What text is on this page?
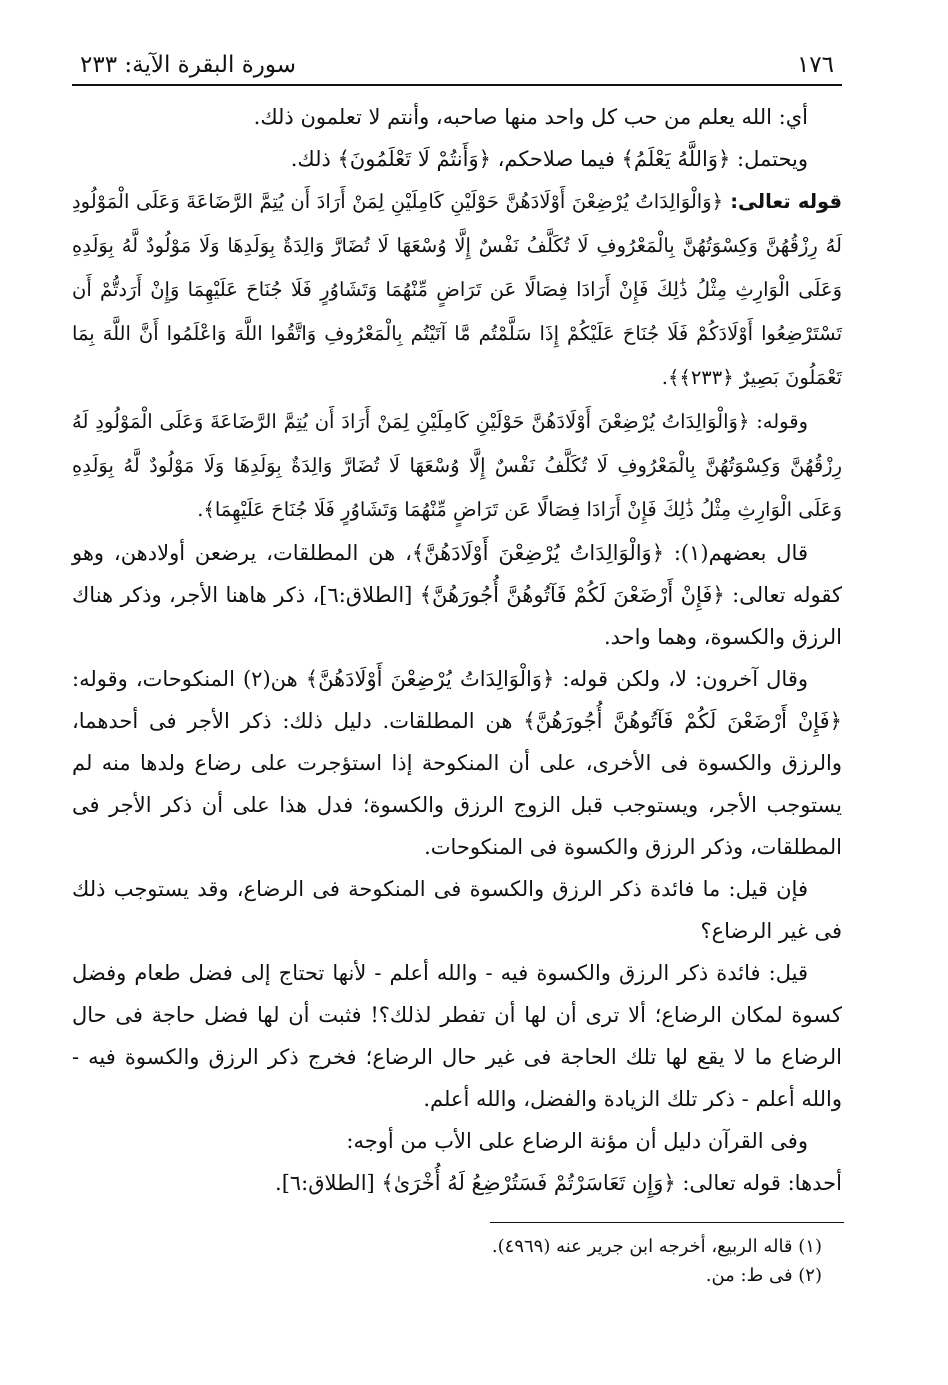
١٧٦
سورة البقرة الآية: ٢٣٣

أي: الله يعلم من حب كل واحد منها صاحبه، وأنتم لا تعلمون ذلك.

ويحتمل: ﴿وَاللَّهُ يَعْلَمُ﴾ فيما صلاحكم، ﴿وَأَنتُمْ لَا تَعْلَمُونَ﴾ ذلك.

قوله تعالى: ﴿وَالْوَالِدَاتُ يُرْضِعْنَ أَوْلَادَهُنَّ حَوْلَيْنِ كَامِلَيْنِ لِمَنْ أَرَادَ أَن يُتِمَّ الرَّضَاعَةَ وَعَلَى الْمَوْلُودِ لَهُ رِزْقُهُنَّ وَكِسْوَتُهُنَّ بِالْمَعْرُوفِ لَا تُكَلَّفُ نَفْسٌ إِلَّا وُسْعَهَا لَا تُضَارَّ وَالِدَةٌ بِوَلَدِهَا وَلَا مَوْلُودٌ لَّهُ بِوَلَدِهِ وَعَلَى الْوَارِثِ مِثْلُ ذَٰلِكَ فَإِنْ أَرَادَا فِصَالًا عَن تَرَاضٍ مِّنْهُمَا وَتَشَاوُرٍ فَلَا جُنَاحَ عَلَيْهِمَا وَإِنْ أَرَدتُّمْ أَن تَسْتَرْضِعُوا أَوْلَادَكُمْ فَلَا جُنَاحَ عَلَيْكُمْ إِذَا سَلَّمْتُم مَّا آتَيْتُم بِالْمَعْرُوفِ وَاتَّقُوا اللَّهَ وَاعْلَمُوا أَنَّ اللَّهَ بِمَا تَعْمَلُونَ بَصِيرٌ ﴿٢٣٣﴾﴾.

وقوله: ﴿وَالْوَالِدَاتُ يُرْضِعْنَ أَوْلَادَهُنَّ حَوْلَيْنِ كَامِلَيْنِ لِمَنْ أَرَادَ أَن يُتِمَّ الرَّضَاعَةَ وَعَلَى الْمَوْلُودِ لَهُ رِزْقُهُنَّ وَكِسْوَتُهُنَّ بِالْمَعْرُوفِ لَا تُكَلَّفُ نَفْسٌ إِلَّا وُسْعَهَا لَا تُضَارَّ وَالِدَةٌ بِوَلَدِهَا وَلَا مَوْلُودٌ لَّهُ بِوَلَدِهِ وَعَلَى الْوَارِثِ مِثْلُ ذَٰلِكَ فَإِنْ أَرَادَا فِصَالًا عَن تَرَاضٍ مِّنْهُمَا وَتَشَاوُرٍ فَلَا جُنَاحَ عَلَيْهِمَا﴾.

قال بعضهم(١): ﴿وَالْوَالِدَاتُ يُرْضِعْنَ أَوْلَادَهُنَّ﴾، هن المطلقات، يرضعن أولادهن، وهو كقوله تعالى: ﴿فَإِنْ أَرْضَعْنَ لَكُمْ فَآتُوهُنَّ أُجُورَهُنَّ﴾ [الطلاق:٦]، ذكر هاهنا الأجر، وذكر هناك الرزق والكسوة، وهما واحد.

وقال آخرون: لا، ولكن قوله: ﴿وَالْوَالِدَاتُ يُرْضِعْنَ أَوْلَادَهُنَّ﴾ هن(٢) المنكوحات، وقوله: ﴿فَإِنْ أَرْضَعْنَ لَكُمْ فَآتُوهُنَّ أُجُورَهُنَّ﴾ هن المطلقات. دليل ذلك: ذكر الأجر فى أحدهما، والرزق والكسوة فى الأخرى، على أن المنكوحة إذا استؤجرت على رضاع ولدها منه لم يستوجب الأجر، ويستوجب قبل الزوج الرزق والكسوة؛ فدل هذا على أن ذكر الأجر فى المطلقات، وذكر الرزق والكسوة فى المنكوحات.

فإن قيل: ما فائدة ذكر الرزق والكسوة فى المنكوحة فى الرضاع، وقد يستوجب ذلك فى غير الرضاع؟

قيل: فائدة ذكر الرزق والكسوة فيه - والله أعلم - لأنها تحتاج إلى فضل طعام وفضل كسوة لمكان الرضاع؛ ألا ترى أن لها أن تفطر لذلك؟! فثبت أن لها فضل حاجة فى حال الرضاع ما لا يقع لها تلك الحاجة فى غير حال الرضاع؛ فخرج ذكر الرزق والكسوة فيه - والله أعلم - ذكر تلك الزيادة والفضل، والله أعلم.

وفى القرآن دليل أن مؤنة الرضاع على الأب من أوجه:

أحدها: قوله تعالى: ﴿وَإِن تَعَاسَرْتُمْ فَسَتُرْضِعُ لَهُ أُخْرَىٰ﴾ [الطلاق:٦].

(١) قاله الربيع، أخرجه ابن جرير عنه (٤٩٦٩).

(٢) فى ط: من.
